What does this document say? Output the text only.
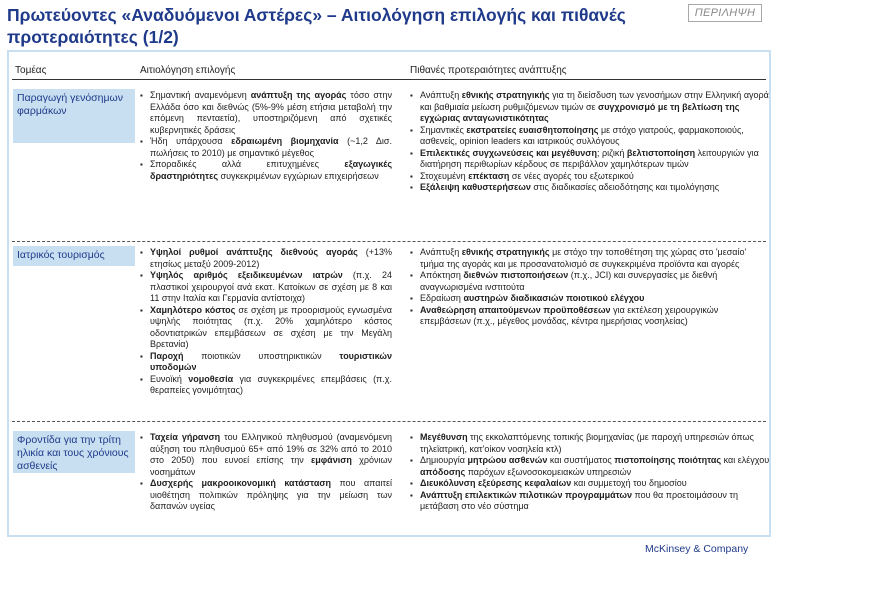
Πρωτεύοντες «Αναδυόμενοι Αστέρες» – Αιτιολόγηση επιλογής και πιθανές προτεραιότητες (1/2)
ΠΕΡΙΛΗΨΗ
Τομέας	Αιτιολόγηση επιλογής	Πιθανές προτεραιότητες ανάπτυξης
Παραγωγή γενόσημων φαρμάκων
▪ Σημαντική αναμενόμενη ανάπτυξη της αγοράς τόσο στην Ελλάδα όσο και διεθνώς (5%-9% μέση ετήσια μεταβολή την επόμενη πενταετία), υποστηριζόμενη από σχετικές κυβερνητικές δράσεις
▪ Ήδη υπάρχουσα εδραιωμένη βιομηχανία (~1,2 Δισ. πωλήσεις το 2010) με σημαντικό μέγεθος
▪ Σποραδικές αλλά επιτυχημένες εξαγωγικές δραστηριότητες συγκεκριμένων εγχώριων επιχειρήσεων
▪ Ανάπτυξη εθνικής στρατηγικής για τη διείσδυση των γενοσήμων στην Ελληνική αγορά και βαθμιαία μείωση ρυθμιζόμενων τιμών σε συγχρονισμό με τη βελτίωση της εγχώριας ανταγωνιστικότητας
▪ Σημαντικές εκστρατείες ευαισθητοποίησης με στόχο γιατρούς, φαρμακοποιούς, ασθενείς, opinion leaders και ιατρικούς συλλόγους
▪ Επιλεκτικές συγχωνεύσεις και μεγέθυνση; ριζική βελτιστοποίηση λειτουργιών για διατήρηση περιθωρίων κέρδους σε περιβάλλον χαμηλότερων τιμών
▪ Στοχευμένη επέκταση σε νέες αγορές του εξωτερικού
▪ Εξάλειψη καθυστερήσεων στις διαδικασίες αδειοδότησης και τιμολόγησης
Ιατρικός τουρισμός
▪	Υψηλοί ρυθμοί ανάπτυξης διεθνούς αγοράς (+13% ετησίως μεταξύ 2009-2012)
▪ Υψηλός αριθμός εξειδικευμένων ιατρών (π.χ. 24 πλαστικοί χειρουργοί ανά εκατ. Κατοίκων σε σχέση με 8 και 11 στην Ιταλία και Γερμανία αντίστοιχα)
▪ Χαμηλότερο κόστος σε σχέση με προορισμούς εγνωσμένα υψηλής ποιότητας (π.χ. 20% χαμηλότερο κόστος οδοντιατρικών επεμβάσεων σε σχέση με την Μεγάλη Βρετανία)
▪ Παροχή ποιοτικών υποστηρικτικών τουριστικών υποδομών
▪ Ευνοϊκή νομοθεσία για συγκεκριμένες επεμβάσεις (π.χ. θεραπείες γονιμότητας)
▪ Ανάπτυξη εθνικής στρατηγικής με στόχο την τοποθέτηση της χώρας στο 'μεσαίο' τμήμα της αγοράς και με προσανατολισμό σε συγκεκριμένα προϊόντα και αγορές
▪ Απόκτηση διεθνών πιστοποιήσεων (π.χ., JCI) και συνεργασίες με διεθνή αναγνωρισμένα ινστιτούτα
▪ Εδραίωση αυστηρών διαδικασιών ποιοτικού ελέγχου
▪ Αναθεώρηση απαιτούμενων προϋποθέσεων για εκτέλεση χειρουργικών επεμβάσεων (π.χ., μέγεθος μονάδας, κέντρα ημερήσιας νοσηλείας)
Φροντίδα για την τρίτη ηλικία και τους χρόνιους ασθενείς
▪ Ταχεία γήρανση του Ελληνικού πληθυσμού (αναμενόμενη αύξηση του πληθυσμού 65+ από 19% σε 32% από το 2010 στο 2050) που ευνοεί επίσης την εμφάνιση χρόνιων νοσημάτων
▪ Δυσχερής μακροοικονομική κατάσταση που απαιτεί υιοθέτηση πολιτικών πρόληψης για την μείωση των δαπανών υγείας
▪ Μεγέθυνση της εκκολαπτόμενης τοπικής βιομηχανίας (με παροχή υπηρεσιών όπως τηλεϊατρική, κατ'οίκον νοσηλεία κτλ)
▪ Δημιουργία μητρώου ασθενών και συστήματος πιστοποίησης ποιότητας και ελέγχου απόδοσης παρόχων εξωνοσοκομειακών υπηρεσιών
▪ Διευκόλυνση εξεύρεσης κεφαλαίων και συμμετοχή του δημοσίου
▪ Ανάπτυξη επιλεκτικών πιλοτικών προγραμμάτων που θα προετοιμάσουν τη μετάβαση στο νέο σύστημα
McKinsey & Company
